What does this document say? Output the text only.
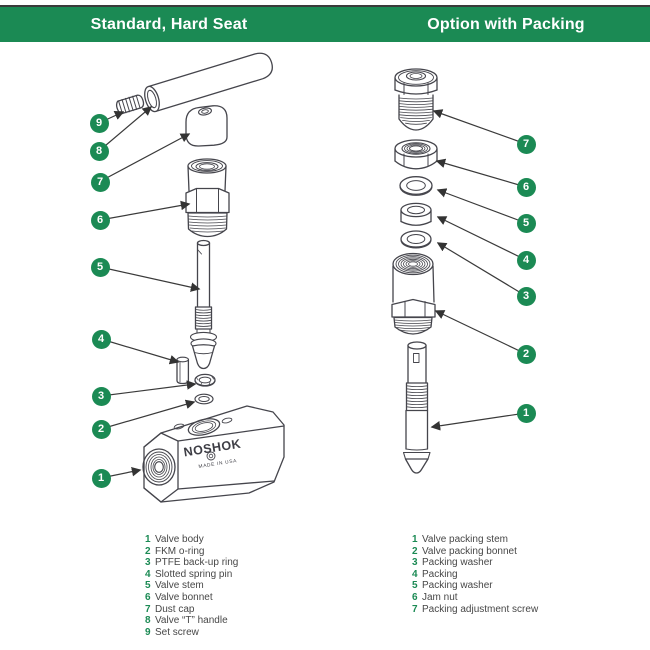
Standard, Hard Seat	Option with Packing
NOSHOK
MADE IN USA
9
8
7
6
5
4
3
2
1
7
6
5
4
3
2
1
1 Valve body
2 FKM o-ring
3 PTFE back-up ring
4 Slotted spring pin
5 Valve stem
6 Valve bonnet
7 Dust cap
8 Valve “T” handle
9 Set screw
1 Valve packing stem
2 Valve packing bonnet
3 Packing washer
4 Packing
5 Packing washer
6 Jam nut
7 Packing adjustment screw
